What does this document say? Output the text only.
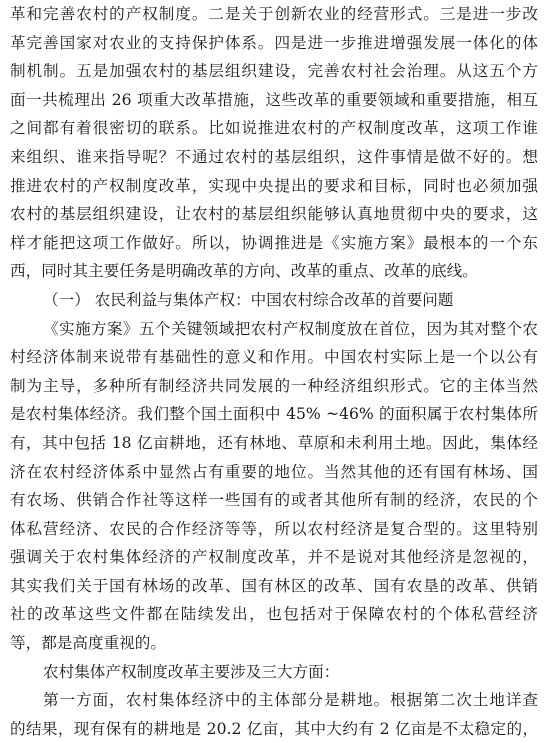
革和完善农村的产权制度。二是关于创新农业的经营形式。三是进一步改
革完善国家对农业的支持保护体系。四是进一步推进增强发展一体化的体
制机制。五是加强农村的基层组织建设，完善农村社会治理。从这五个方
面一共梳理出 26 项重大改革措施，这些改革的重要领域和重要措施，相互
之间都有着很密切的联系。比如说推进农村的产权制度改革，这项工作谁
来组织、谁来指导呢？不通过农村的基层组织，这件事情是做不好的。想
推进农村的产权制度改革，实现中央提出的要求和目标，同时也必须加强
农村的基层组织建设，让农村的基层组织能够认真地贯彻中央的要求，这
样才能把这项工作做好。所以，协调推进是《实施方案》最根本的一个东
西，同时其主要任务是明确改革的方向、改革的重点、改革的底线。
（一） 农民利益与集体产权：中国农村综合改革的首要问题
《实施方案》五个关键领域把农村产权制度放在首位，因为其对整个农
村经济体制来说带有基础性的意义和作用。中国农村实际上是一个以公有
制为主导，多种所有制经济共同发展的一种经济组织形式。它的主体当然
是农村集体经济。我们整个国土面积中 45% ~46% 的面积属于农村集体所
有，其中包括 18 亿亩耕地，还有林地、草原和未利用土地。因此，集体经
济在农村经济体系中显然占有重要的地位。当然其他的还有国有林场、国
有农场、供销合作社等这样一些国有的或者其他所有制的经济，农民的个
体私营经济、农民的合作经济等等，所以农村经济是复合型的。这里特别
强调关于农村集体经济的产权制度改革，并不是说对其他经济是忽视的，
其实我们关于国有林场的改革、国有林区的改革、国有农垦的改革、供销
社的改革这些文件都在陆续发出，也包括对于保障农村的个体私营经济
等，都是高度重视的。
农村集体产权制度改革主要涉及三大方面：
第一方面，农村集体经济中的主体部分是耕地。根据第二次土地详查
的结果，现有保有的耕地是 20.2 亿亩，其中大约有 2 亿亩是不太稳定的，
